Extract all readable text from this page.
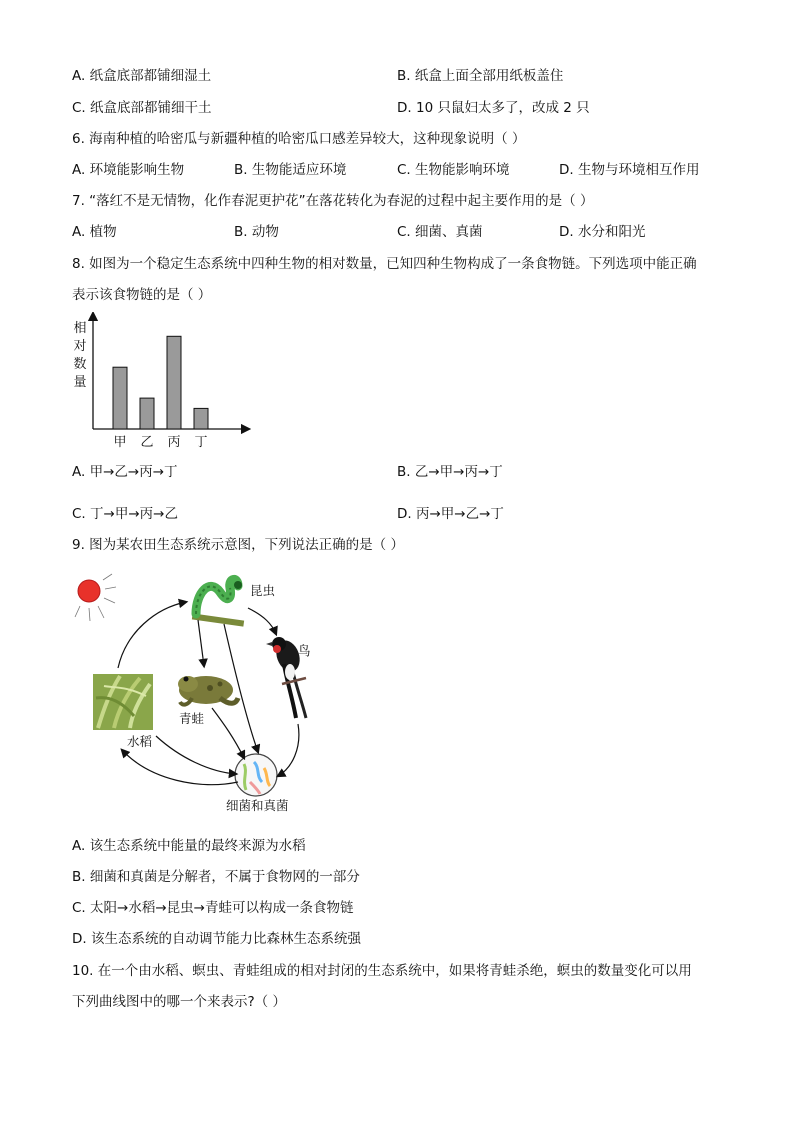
A. 纸盒底部都铺细湿土	B. 纸盒上面全部用纸板盖住
C. 纸盒底部都铺细干土	D. 10 只鼠妇太多了，改成 2 只
6. 海南种植的哈密瓜与新疆种植的哈密瓜口感差异较大，这种现象说明（ ）
A. 环境能影响生物	B. 生物能适应环境	C. 生物能影响环境	D. 生物与环境相互作用
7. “落红不是无情物，化作春泥更护花”在落花转化为春泥的过程中起主要作用的是（ ）
A. 植物	B. 动物	C. 细菌、真菌	D. 水分和阳光
8. 如图为一个稳定生态系统中四种生物的相对数量，已知四种生物构成了一条食物链。下列选项中能正确
表示该食物链的是（ ）
相
对
数
量
甲 乙 丙 丁
A. 甲→乙→丙→丁	B. 乙→甲→丙→丁
C. 丁→甲→丙→乙	D. 丙→甲→乙→丁
9. 图为某农田生态系统示意图，下列说法正确的是（ ）
昆虫
鸟
水稻
青蛙
细菌和真菌
A. 该生态系统中能量的最终来源为水稻
B. 细菌和真菌是分解者，不属于食物网的一部分
C. 太阳→水稻→昆虫→青蛙可以构成一条食物链
D. 该生态系统的自动调节能力比森林生态系统强
10. 在一个由水稻、螟虫、青蛙组成的相对封闭的生态系统中，如果将青蛙杀绝，螟虫的数量变化可以用
下列曲线图中的哪一个来表示?（ ）
